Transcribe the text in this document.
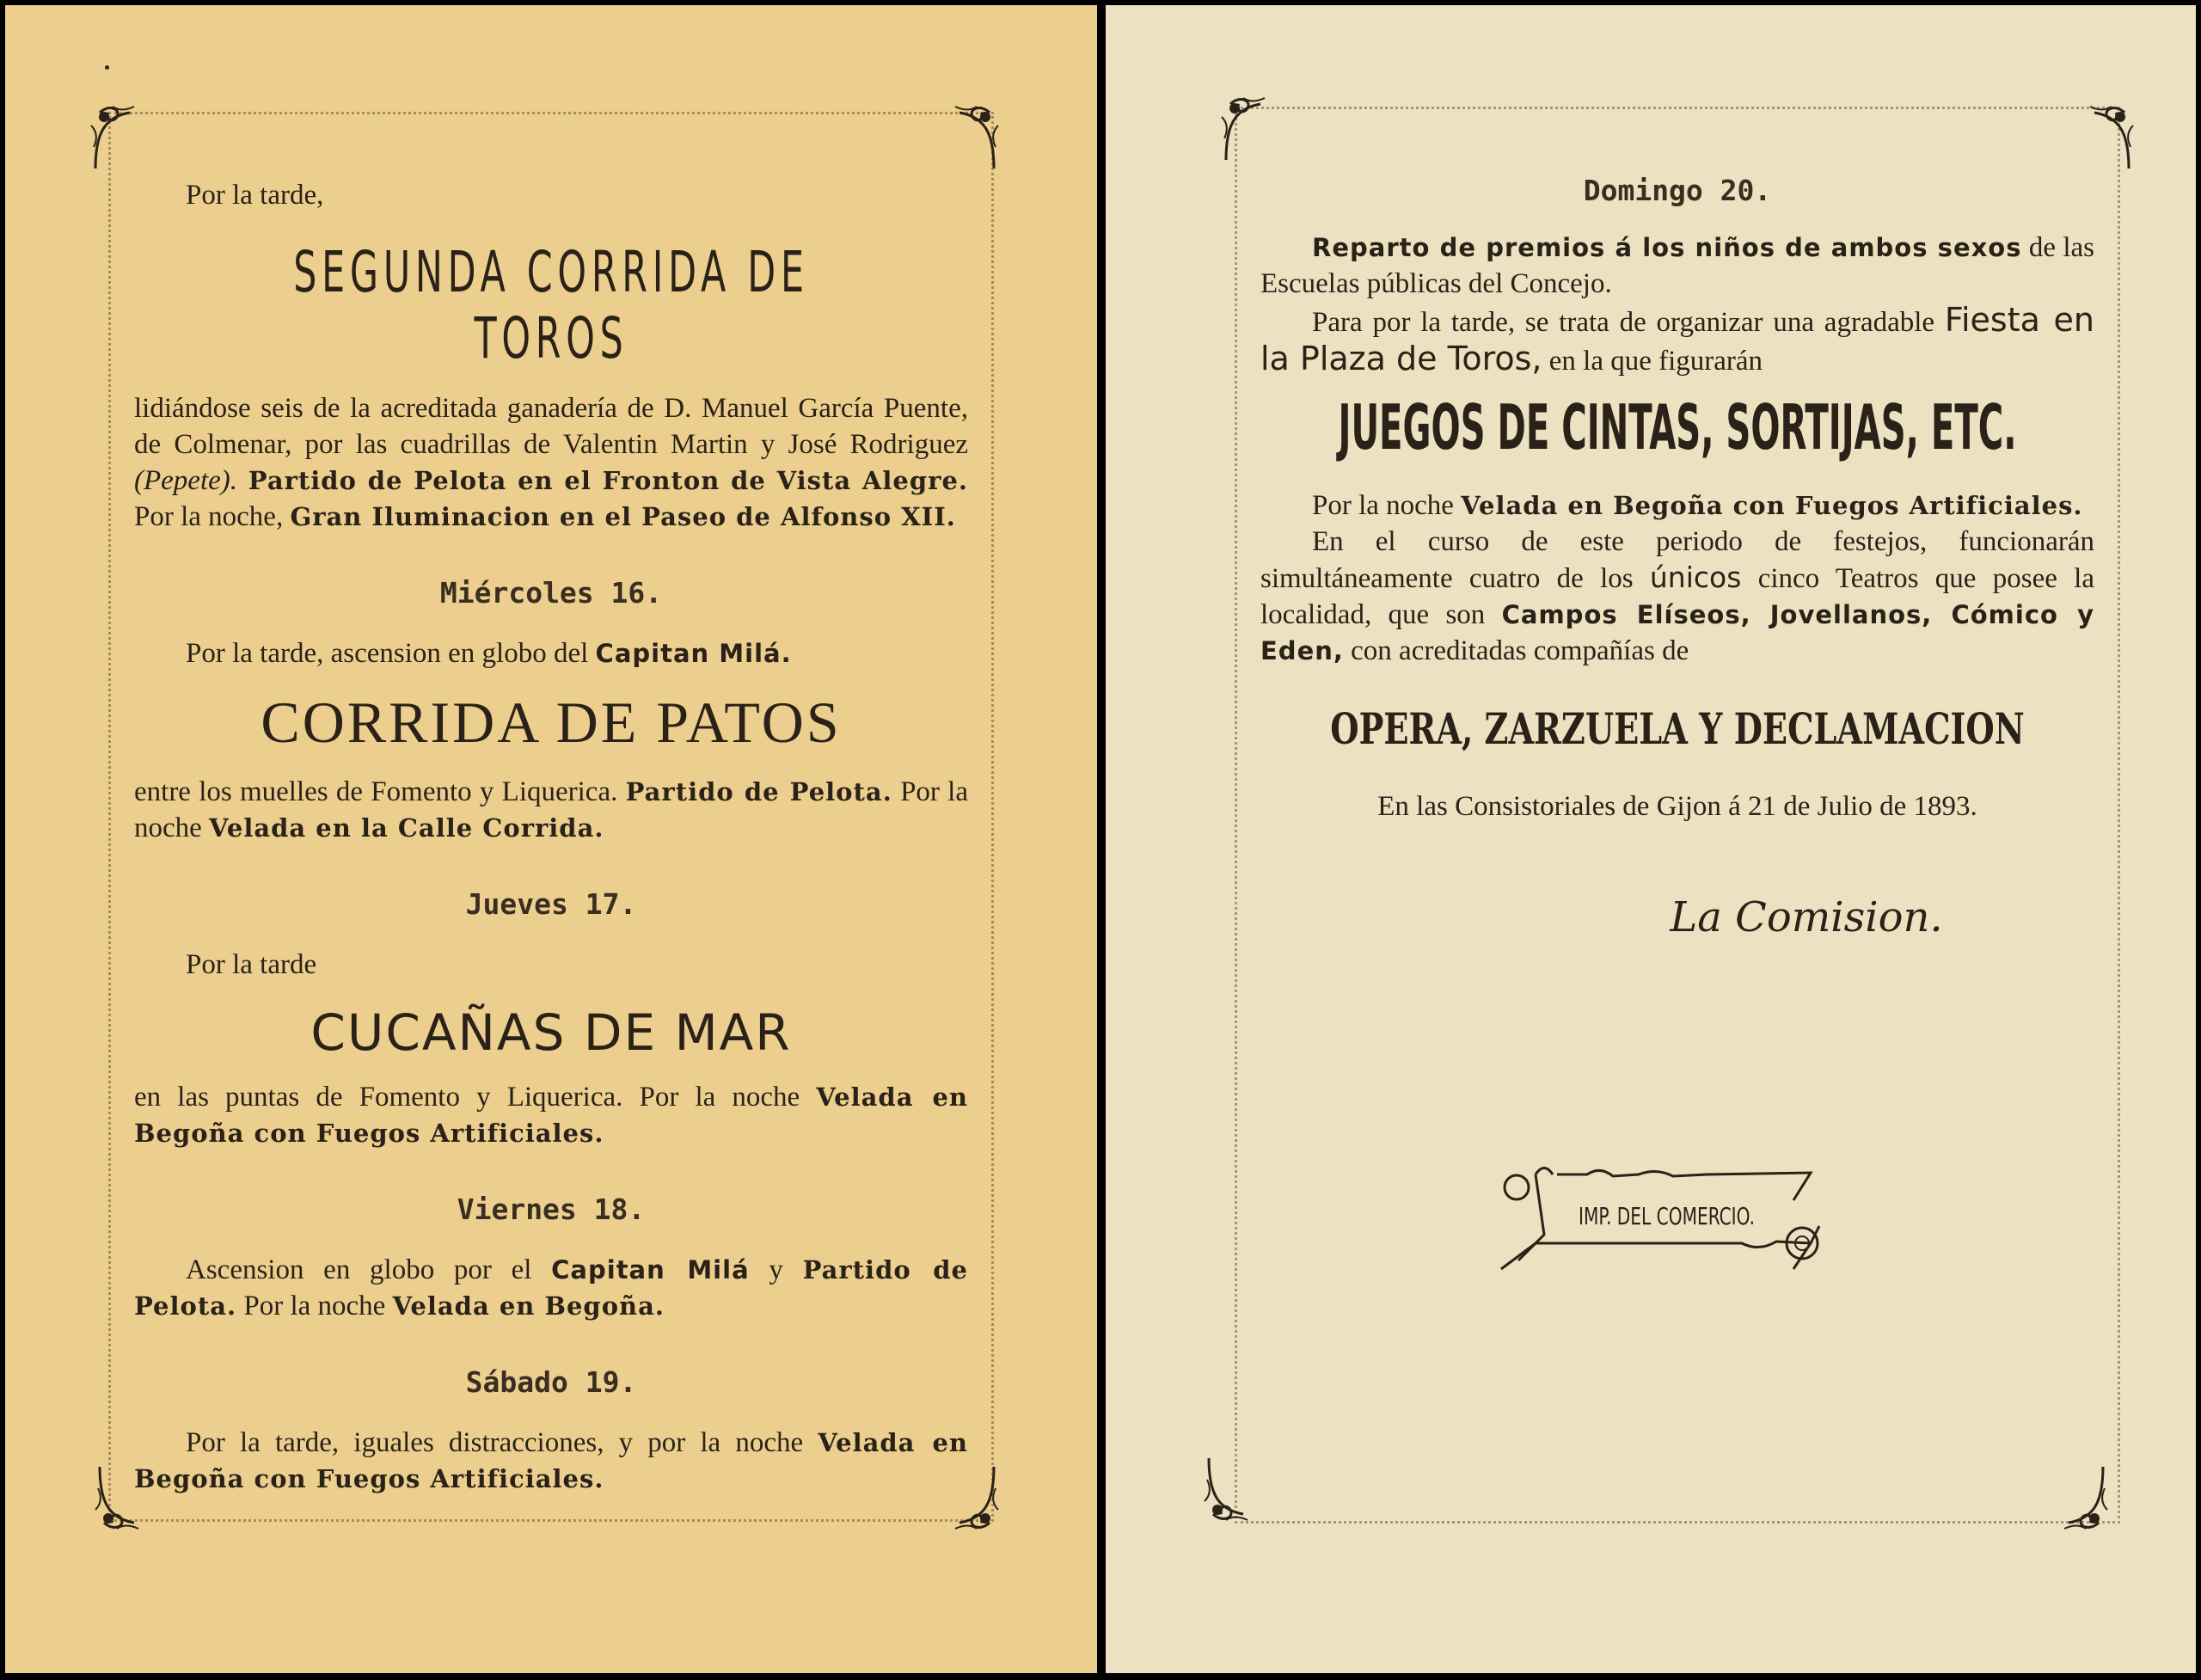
Por la tarde,

SEGUNDA CORRIDA DE TOROS

lidiándose seis de la acreditada ganadería de D. Manuel García Puente, de Colmenar, por las cuadrillas de Valentin Martin y José Rodriguez (Pepete). Partido de Pelota en el Fronton de Vista Alegre. Por la noche, Gran Iluminacion en el Paseo de Alfonso XII.

Miércoles 16.

Por la tarde, ascension en globo del Capitan Milá.

CORRIDA DE PATOS

entre los muelles de Fomento y Liquerica. Partido de Pelota. Por la noche Velada en la Calle Corrida.

Jueves 17.

Por la tarde

CUCAÑAS DE MAR

en las puntas de Fomento y Liquerica. Por la noche Velada en Begoña con Fuegos Artificiales.

Viernes 18.

Ascension en globo por el Capitan Milá y Partido de Pelota. Por la noche Velada en Begoña.

Sábado 19.

Por la tarde, iguales distracciones, y por la noche Velada en Begoña con Fuegos Artificiales.

Domingo 20.

Reparto de premios á los niños de ambos sexos de las Escuelas públicas del Concejo.

Para por la tarde, se trata de organizar una agradable Fiesta en la Plaza de Toros, en la que figurarán

JUEGOS DE CINTAS, SORTIJAS, ETC.

Por la noche Velada en Begoña con Fuegos Artificiales.

En el curso de este periodo de festejos, funcionarán simultáneamente cuatro de los únicos cinco Teatros que posee la localidad, que son Campos Elíseos, Jovellanos, Cómico y Eden, con acreditadas compañías de

OPERA, ZARZUELA Y DECLAMACION

En las Consistoriales de Gijon á 21 de Julio de 1893.

La Comision.
IMP. DEL COMERCIO.
